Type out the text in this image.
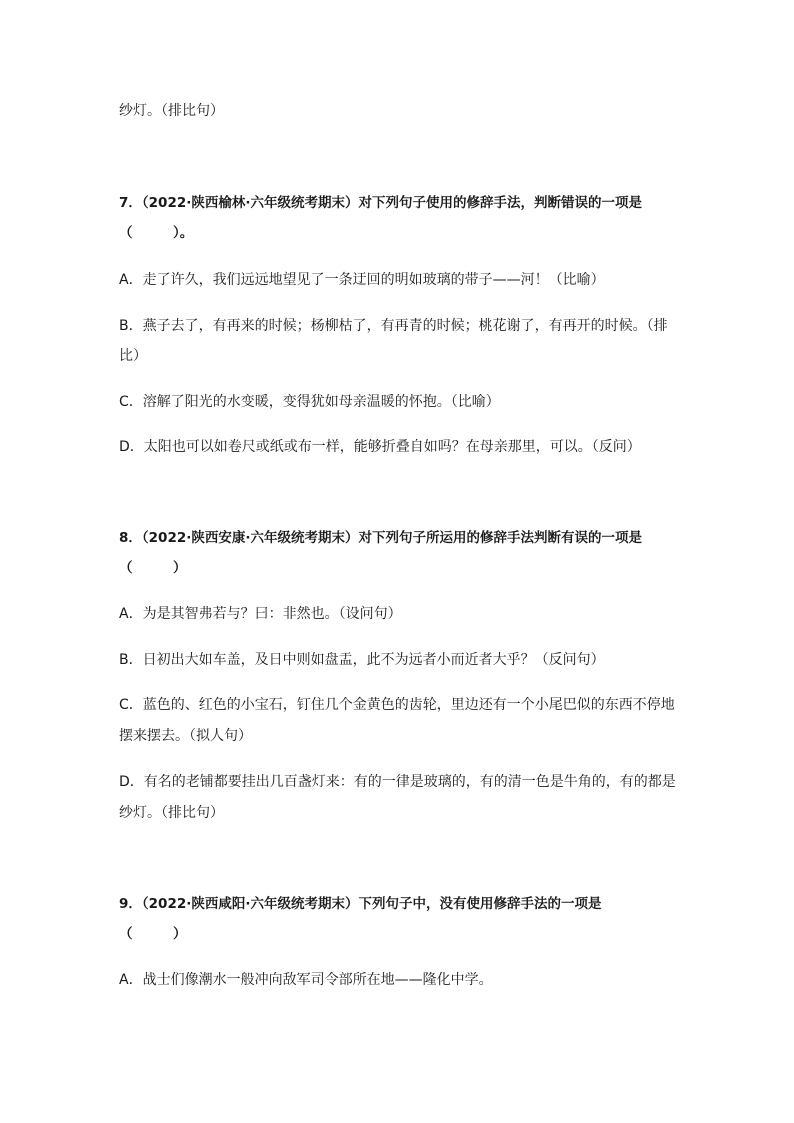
纱灯。（排比句）
7．（2022·陕西榆林·六年级统考期末）对下列句子使用的修辞手法，判断错误的一项是
（　　　）。
A．走了许久，我们远远地望见了一条迂回的明如玻璃的带子——河！（比喻）
B．燕子去了，有再来的时候；杨柳枯了，有再青的时候；桃花谢了，有再开的时候。（排
比）
C．溶解了阳光的水变暖，变得犹如母亲温暖的怀抱。（比喻）
D．太阳也可以如卷尺或纸或布一样，能够折叠自如吗？在母亲那里，可以。（反问）
8．（2022·陕西安康·六年级统考期末）对下列句子所运用的修辞手法判断有误的一项是
（　　　）
A．为是其智弗若与？曰：非然也。（设问句）
B．日初出大如车盖，及日中则如盘盂，此不为远者小而近者大乎？（反问句）
C．蓝色的、红色的小宝石，钉住几个金黄色的齿轮，里边还有一个小尾巴似的东西不停地
摆来摆去。（拟人句）
D．有名的老铺都要挂出几百盏灯来：有的一律是玻璃的，有的清一色是牛角的，有的都是
纱灯。（排比句）
9．（2022·陕西咸阳·六年级统考期末）下列句子中，没有使用修辞手法的一项是
（　　　）
A．战士们像潮水一般冲向敌军司令部所在地——隆化中学。
